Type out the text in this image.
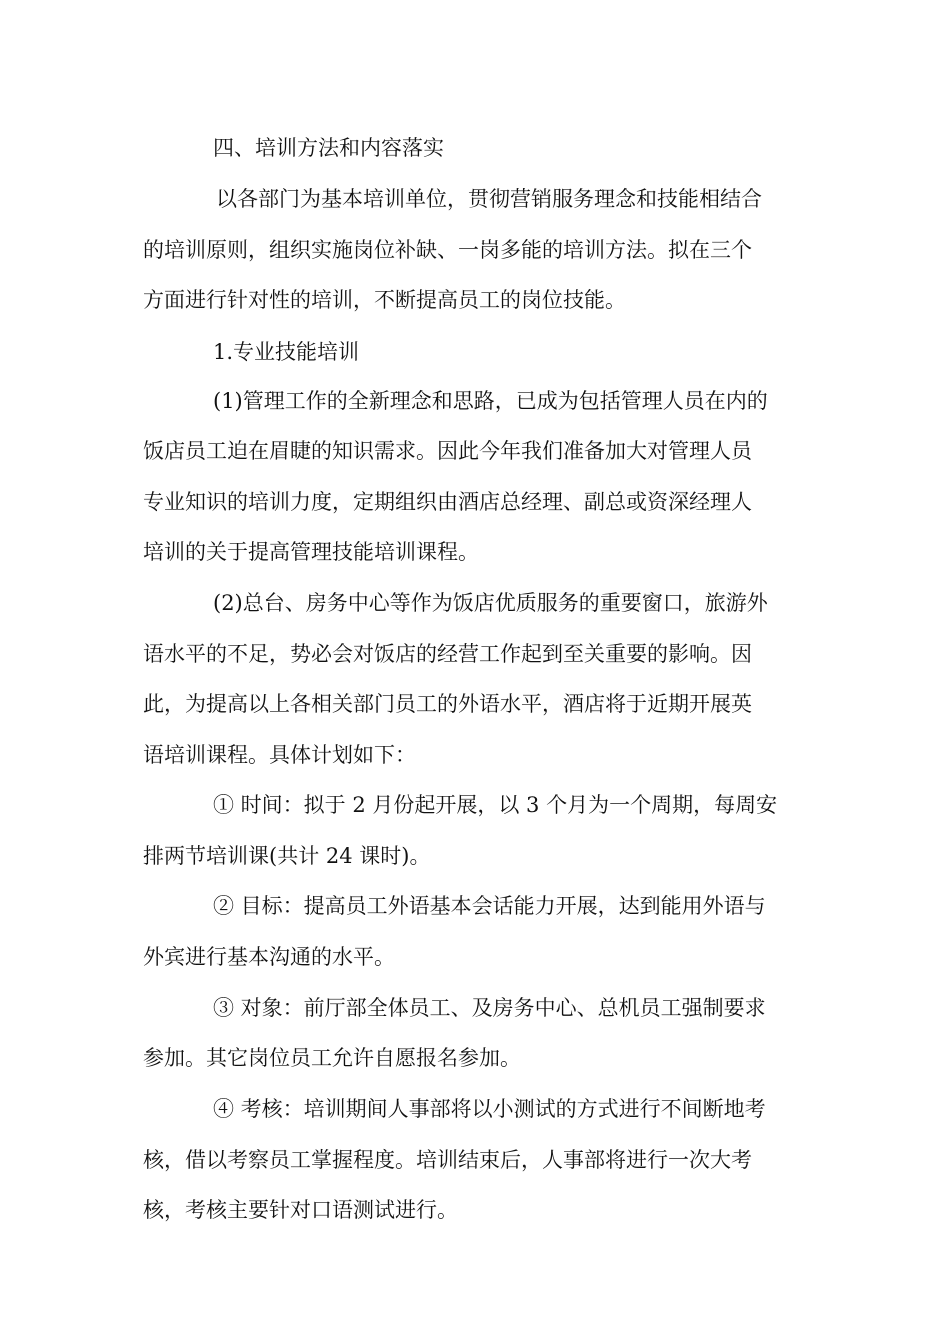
四、培训方法和内容落实
以各部门为基本培训单位，贯彻营销服务理念和技能相结合
的培训原则，组织实施岗位补缺、一岗多能的培训方法。拟在三个
方面进行针对性的培训，不断提高员工的岗位技能。
1.专业技能培训
(1)管理工作的全新理念和思路，已成为包括管理人员在内的
饭店员工迫在眉睫的知识需求。因此今年我们准备加大对管理人员
专业知识的培训力度，定期组织由酒店总经理、副总或资深经理人
培训的关于提高管理技能培训课程。
(2)总台、房务中心等作为饭店优质服务的重要窗口，旅游外
语水平的不足，势必会对饭店的经营工作起到至关重要的影响。因
此，为提高以上各相关部门员工的外语水平，酒店将于近期开展英
语培训课程。具体计划如下：
① 时间：拟于 2 月份起开展，以 3 个月为一个周期，每周安
排两节培训课(共计 24 课时)。
② 目标：提高员工外语基本会话能力开展，达到能用外语与
外宾进行基本沟通的水平。
③ 对象：前厅部全体员工、及房务中心、总机员工强制要求
参加。其它岗位员工允许自愿报名参加。
④ 考核：培训期间人事部将以小测试的方式进行不间断地考
核，借以考察员工掌握程度。培训结束后，人事部将进行一次大考
核，考核主要针对口语测试进行。
